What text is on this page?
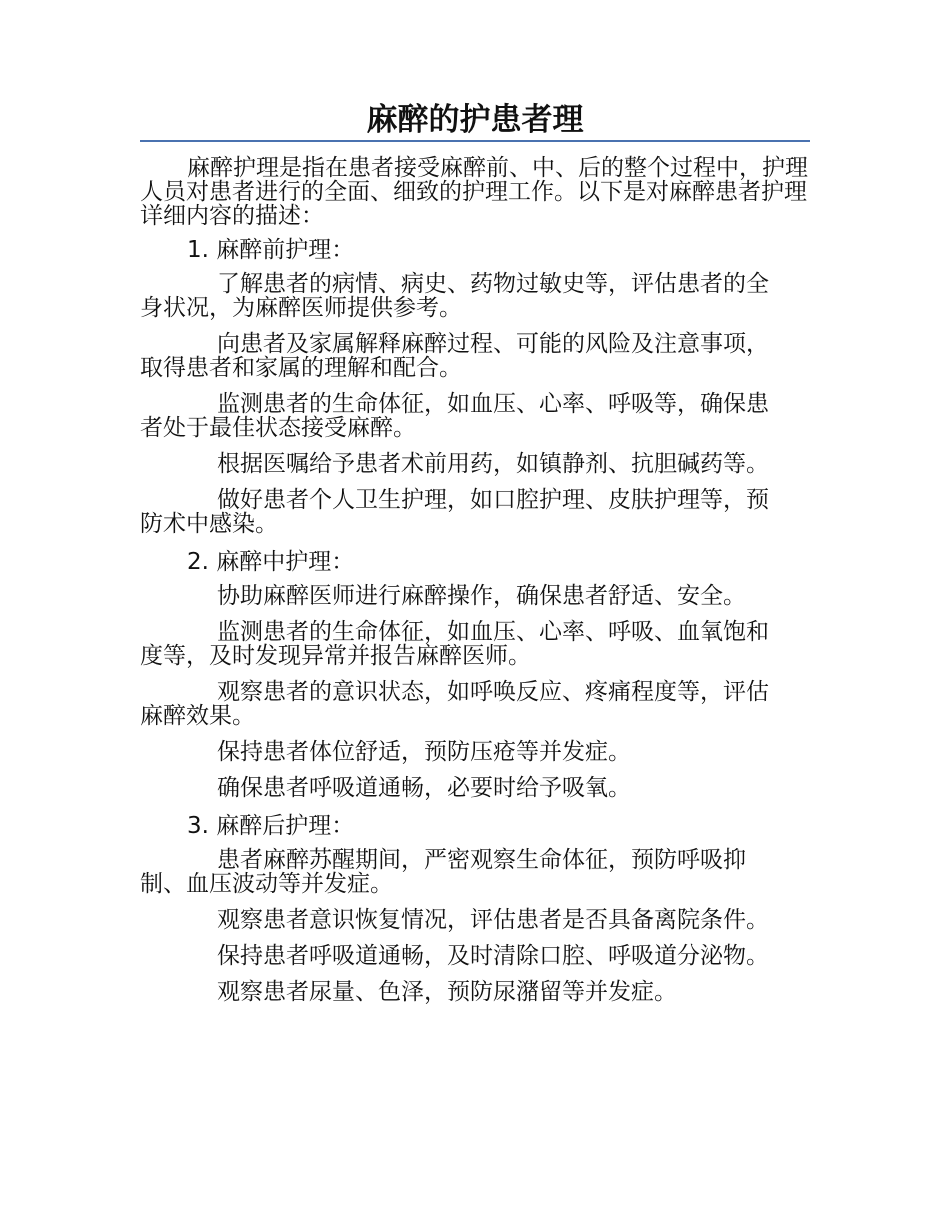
麻醉的护患者理

麻醉护理是指在患者接受麻醉前、中、后的整个过程中，护理人员对患者进行的全面、细致的护理工作。以下是对麻醉患者护理详细内容的描述：

1. 麻醉前护理：

了解患者的病情、病史、药物过敏史等，评估患者的全身状况，为麻醉医师提供参考。

向患者及家属解释麻醉过程、可能的风险及注意事项，取得患者和家属的理解和配合。

监测患者的生命体征，如血压、心率、呼吸等，确保患者处于最佳状态接受麻醉。

根据医嘱给予患者术前用药，如镇静剂、抗胆碱药等。

做好患者个人卫生护理，如口腔护理、皮肤护理等，预防术中感染。

2. 麻醉中护理：

协助麻醉医师进行麻醉操作，确保患者舒适、安全。

监测患者的生命体征，如血压、心率、呼吸、血氧饱和度等，及时发现异常并报告麻醉医师。

观察患者的意识状态，如呼唤反应、疼痛程度等，评估麻醉效果。

保持患者体位舒适，预防压疮等并发症。

确保患者呼吸道通畅，必要时给予吸氧。

3. 麻醉后护理：

患者麻醉苏醒期间，严密观察生命体征，预防呼吸抑制、血压波动等并发症。

观察患者意识恢复情况，评估患者是否具备离院条件。

保持患者呼吸道通畅，及时清除口腔、呼吸道分泌物。

观察患者尿量、色泽，预防尿潴留等并发症。
